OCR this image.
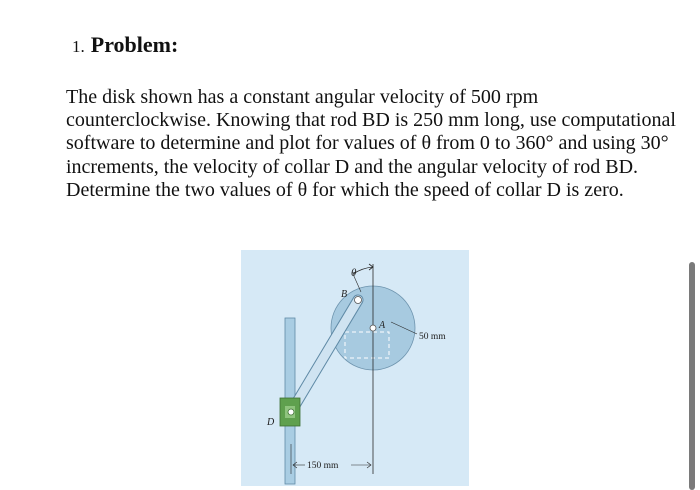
1. Problem:

The disk shown has a constant angular velocity of 500 rpm counterclockwise. Knowing that rod BD is 250 mm long, use computational software to determine and plot for values of θ from 0 to 360° and using 30° increments, the velocity of collar D and the angular velocity of rod BD. Determine the two values of θ for which the speed of collar D is zero.

θ
B
A
D
50 mm
150 mm
